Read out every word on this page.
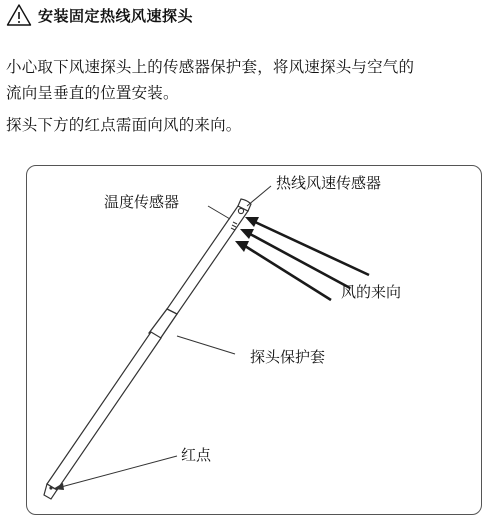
安装固定热线风速探头
小心取下风速探头上的传感器保护套，将风速探头与空气的
流向呈垂直的位置安装。
探头下方的红点需面向风的来向。
温度传感器
热线风速传感器
风的来向
探头保护套
红点
